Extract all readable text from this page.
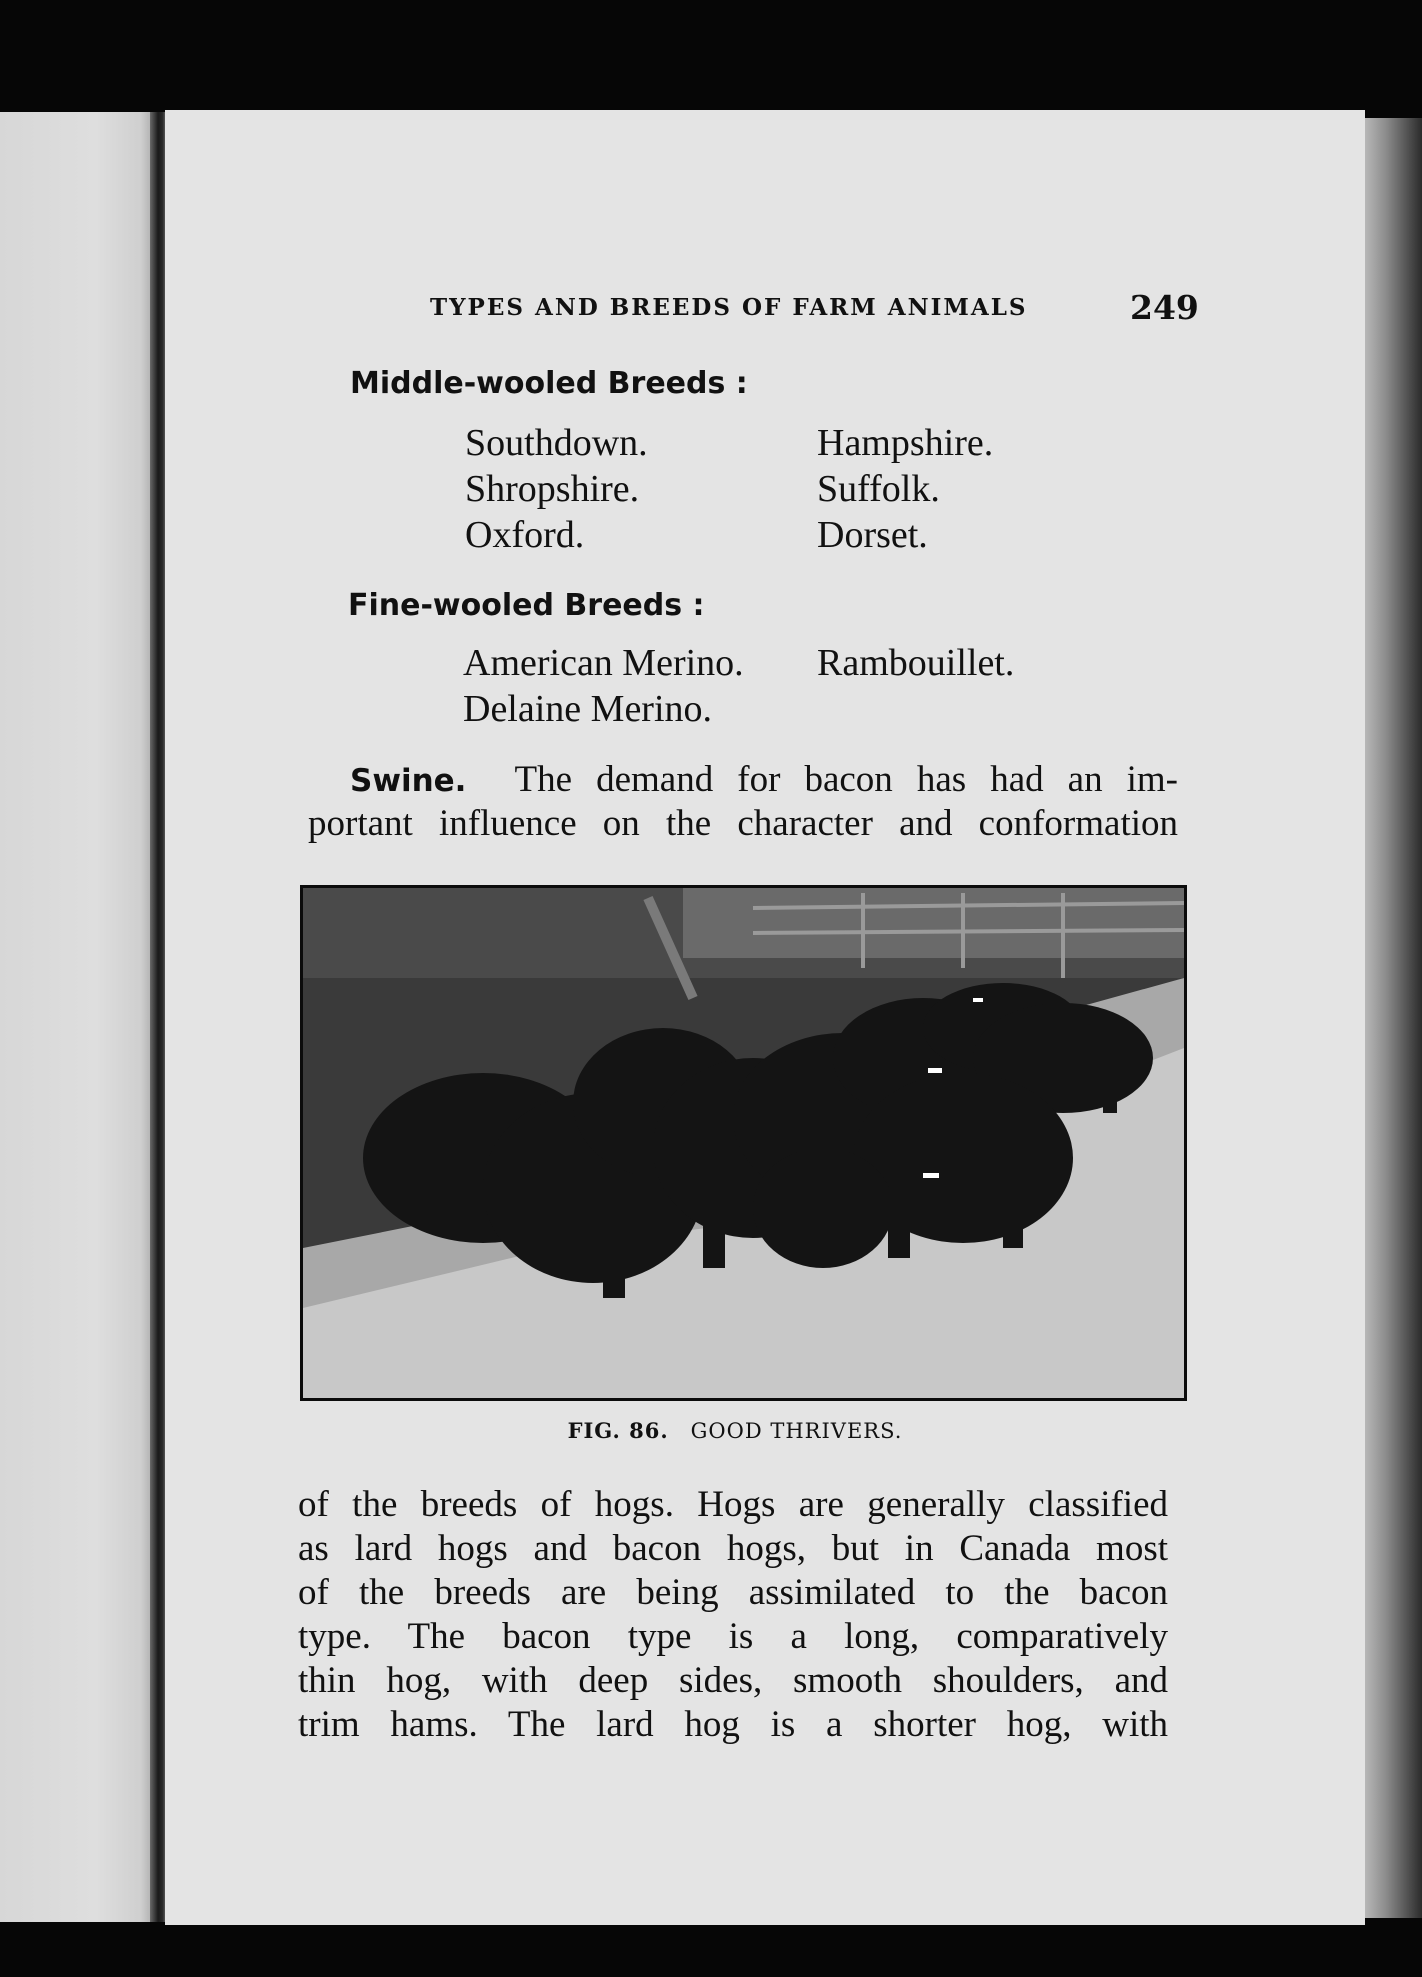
TYPES AND BREEDS OF FARM ANIMALS	249
Middle-wooled Breeds :
Southdown.
Shropshire.
Oxford.
Hampshire.
Suffolk.
Dorset.
Fine-wooled Breeds :
American Merino.
Delaine Merino.
Rambouillet.
Swine. The demand for bacon has had an im-
portant influence on the character and conformation
FIG. 86. GOOD THRIVERS.
of the breeds of hogs. Hogs are generally classified
as lard hogs and bacon hogs, but in Canada most
of the breeds are being assimilated to the bacon
type. The bacon type is a long, comparatively
thin hog, with deep sides, smooth shoulders, and
trim hams. The lard hog is a shorter hog, with
